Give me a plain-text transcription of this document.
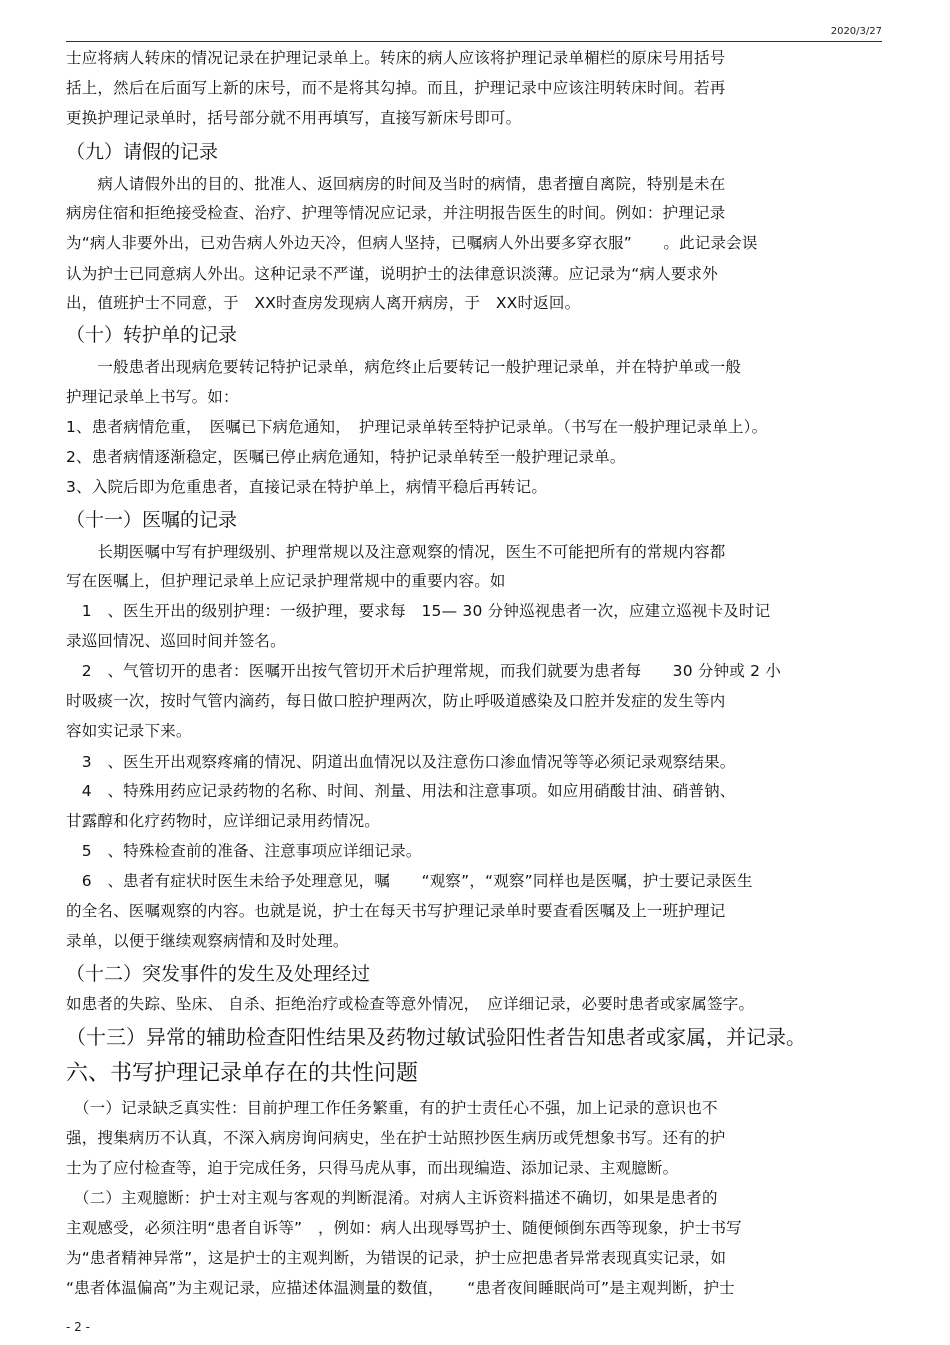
2020/3/27
士应将病人转床的情况记录在护理记录单上。转床的病人应该将护理记录单楣栏的原床号用括号
括上，然后在后面写上新的床号，而不是将其勾掉。而且，护理记录中应该注明转床时间。若再
更换护理记录单时，括号部分就不用再填写，直接写新床号即可。
（九）请假的记录
　　病人请假外出的目的、批准人、返回病房的时间及当时的病情，患者擅自离院，特别是未在
病房住宿和拒绝接受检查、治疗、护理等情况应记录，并注明报告医生的时间。例如：护理记录
为“病人非要外出，已劝告病人外边天冷，但病人坚持，已嘱病人外出要多穿衣服”　　。此记录会误
认为护士已同意病人外出。这种记录不严谨，说明护士的法律意识淡薄。应记录为“病人要求外
出，值班护士不同意，于　XX时查房发现病人离开病房，于　XX时返回。
（十）转护单的记录
　　一般患者出现病危要转记特护记录单，病危终止后要转记一般护理记录单，并在特护单或一般
护理记录单上书写。如：
1、患者病情危重，　医嘱已下病危通知，　护理记录单转至特护记录单。（书写在一般护理记录单上）。
2、患者病情逐渐稳定，医嘱已停止病危通知，特护记录单转至一般护理记录单。
3、入院后即为危重患者，直接记录在特护单上，病情平稳后再转记。
（十一）医嘱的记录
　　长期医嘱中写有护理级别、护理常规以及注意观察的情况，医生不可能把所有的常规内容都
写在医嘱上，但护理记录单上应记录护理常规中的重要内容。如
　1　、医生开出的级别护理：一级护理，要求每　15— 30 分钟巡视患者一次，应建立巡视卡及时记
录巡回情况、巡回时间并签名。
　2　、气管切开的患者：医嘱开出按气管切开术后护理常规，而我们就要为患者每　　30 分钟或 2 小
时吸痰一次，按时气管内滴药，每日做口腔护理两次，防止呼吸道感染及口腔并发症的发生等内
容如实记录下来。
　3　、医生开出观察疼痛的情况、阴道出血情况以及注意伤口渗血情况等等必须记录观察结果。
　4　、特殊用药应记录药物的名称、时间、剂量、用法和注意事项。如应用硝酸甘油、硝普钠、
甘露醇和化疗药物时，应详细记录用药情况。
　5　、特殊检查前的准备、注意事项应详细记录。
　6　、患者有症状时医生未给予处理意见，嘱　　“观察”，“观察”同样也是医嘱，护士要记录医生
的全名、医嘱观察的内容。也就是说，护士在每天书写护理记录单时要查看医嘱及上一班护理记
录单，以便于继续观察病情和及时处理。
（十二）突发事件的发生及处理经过
如患者的失踪、坠床、 自杀、拒绝治疗或检查等意外情况，　应详细记录，必要时患者或家属签字。
（十三）异常的辅助检查阳性结果及药物过敏试验阳性者告知患者或家属，并记录。
六、书写护理记录单存在的共性问题
　（一）记录缺乏真实性：目前护理工作任务繁重，有的护士责任心不强，加上记录的意识也不
强，搜集病历不认真，不深入病房询问病史，坐在护士站照抄医生病历或凭想象书写。还有的护
士为了应付检查等，迫于完成任务，只得马虎从事，而出现编造、添加记录、主观臆断。
　（二）主观臆断：护士对主观与客观的判断混淆。对病人主诉资料描述不确切，如果是患者的
主观感受，必须注明“患者自诉等”　，例如：病人出现辱骂护士、随便倾倒东西等现象，护士书写
为“患者精神异常”，这是护士的主观判断，为错误的记录，护士应把患者异常表现真实记录，如
“患者体温偏高”为主观记录，应描述体温测量的数值，　　“患者夜间睡眠尚可”是主观判断，护士
- 2 -
